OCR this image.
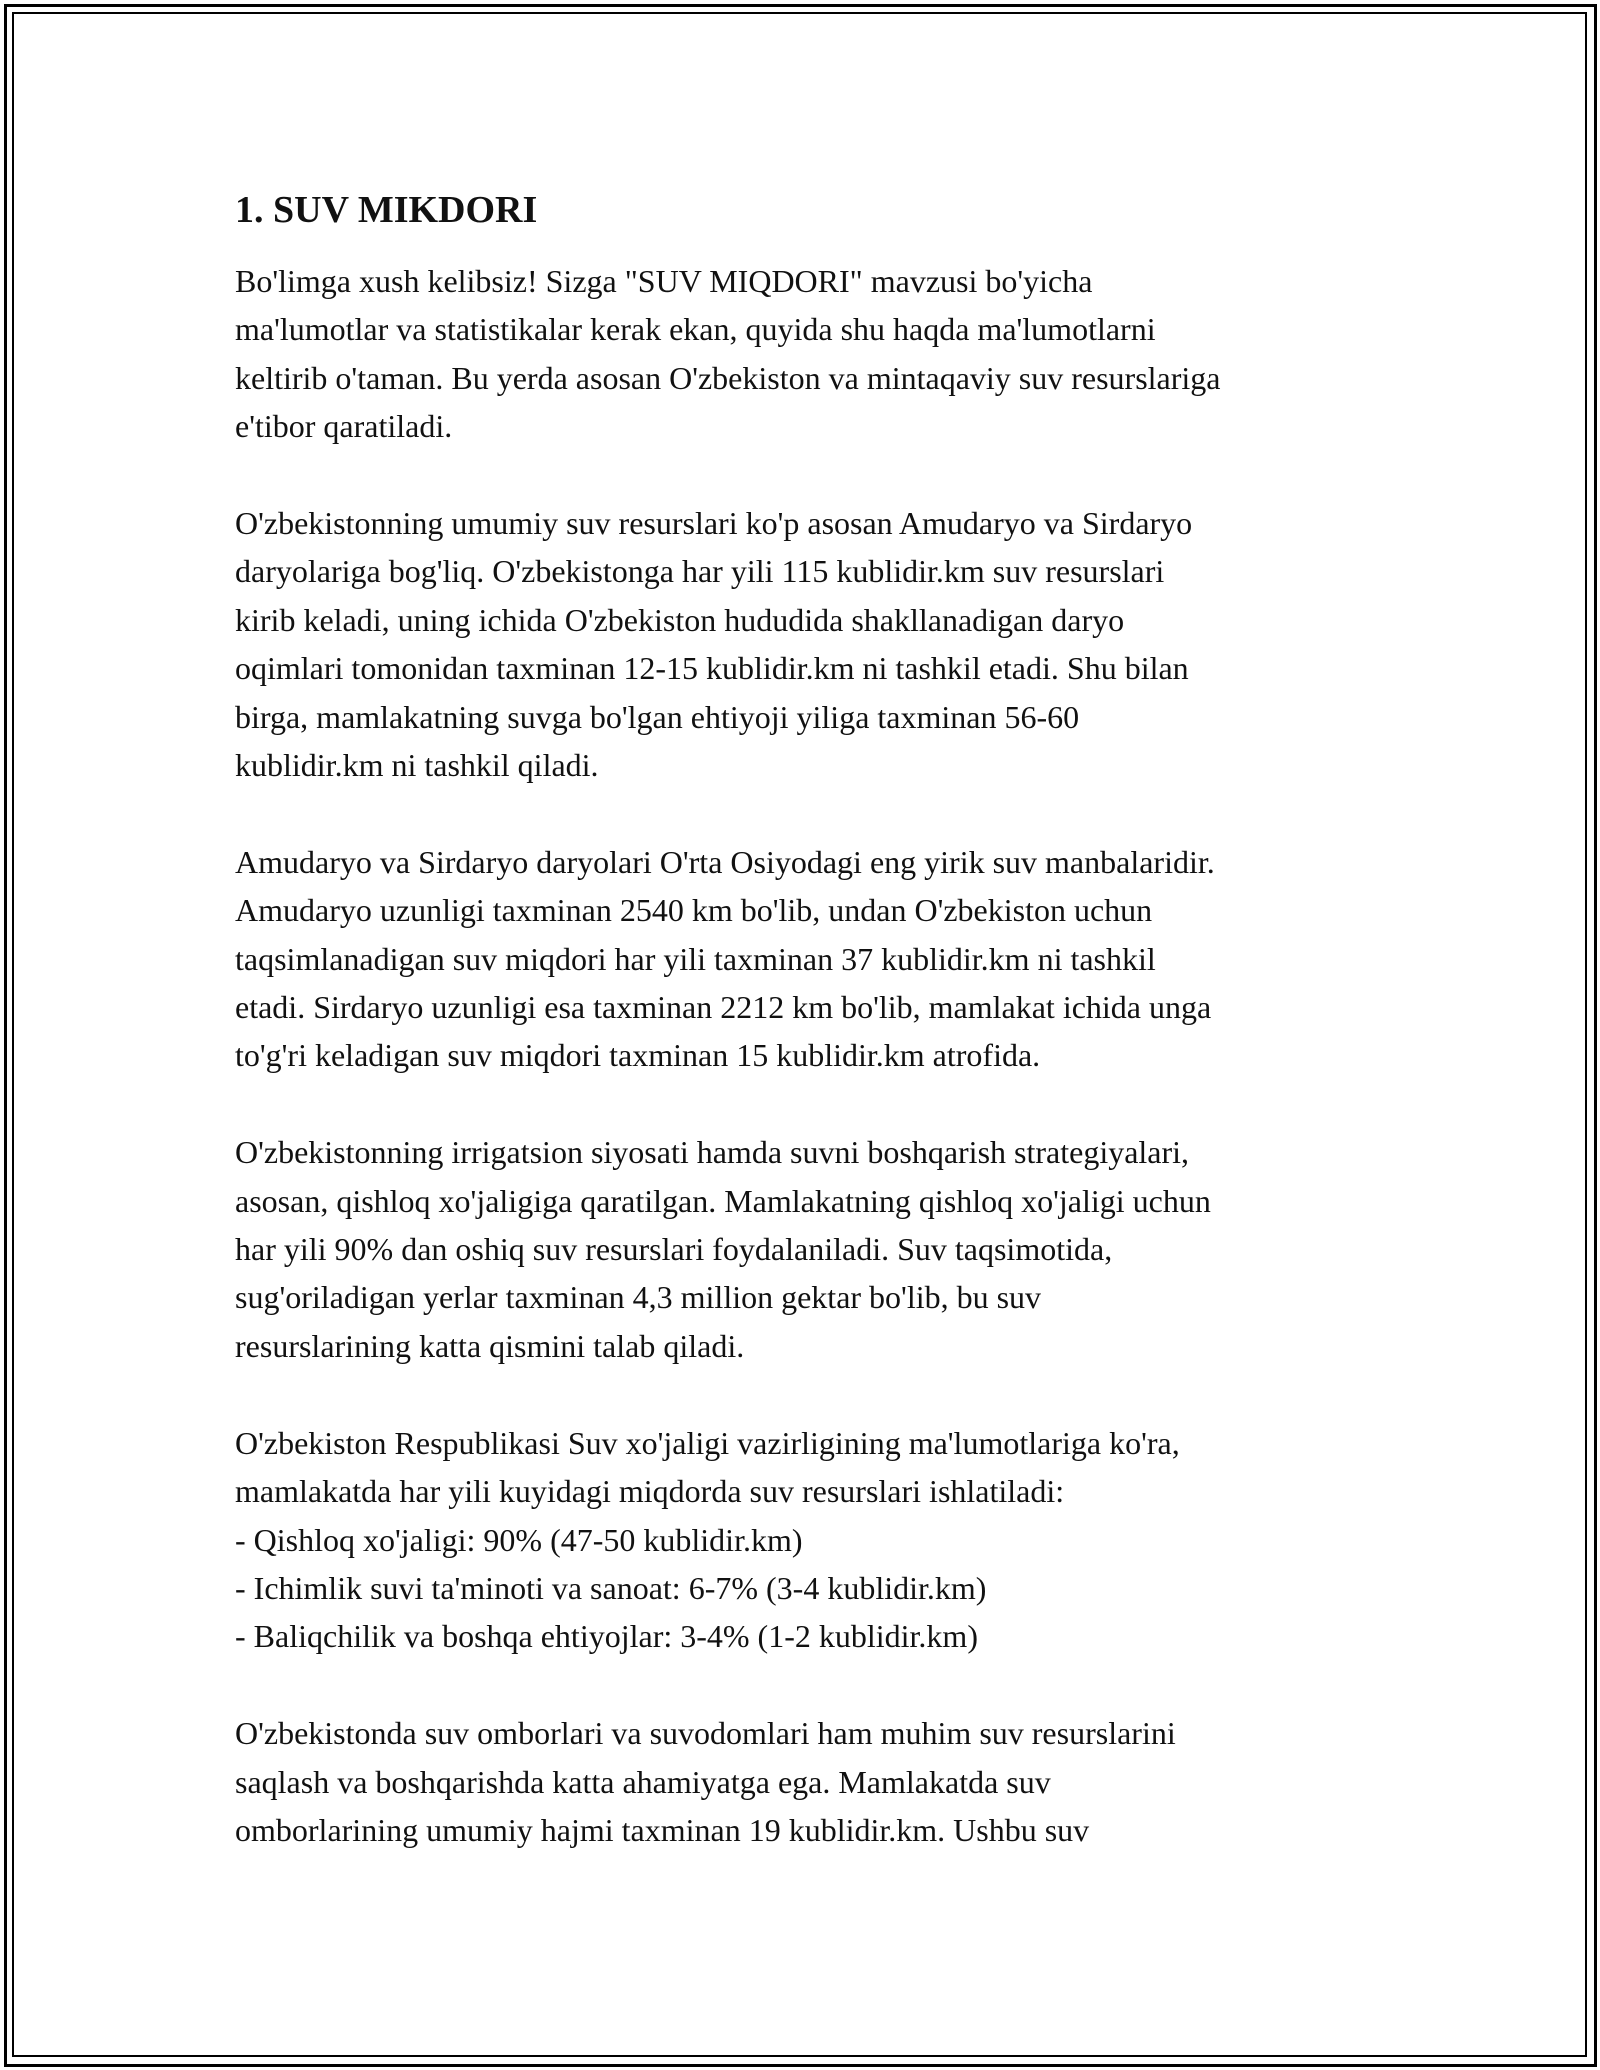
1. SUV MIKDORI

Bo'limga xush kelibsiz! Sizga "SUV MIQDORI" mavzusi bo'yicha
ma'lumotlar va statistikalar kerak ekan, quyida shu haqda ma'lumotlarni
keltirib o'taman. Bu yerda asosan O'zbekiston va mintaqaviy suv resurslariga
e'tibor qaratiladi.

O'zbekistonning umumiy suv resurslari ko'p asosan Amudaryo va Sirdaryo
daryolariga bog'liq. O'zbekistonga har yili 115 kublidir.km suv resurslari
kirib keladi, uning ichida O'zbekiston hududida shakllanadigan daryo
oqimlari tomonidan taxminan 12-15 kublidir.km ni tashkil etadi. Shu bilan
birga, mamlakatning suvga bo'lgan ehtiyoji yiliga taxminan 56-60
kublidir.km ni tashkil qiladi.

Amudaryo va Sirdaryo daryolari O'rta Osiyodagi eng yirik suv manbalaridir.
Amudaryo uzunligi taxminan 2540 km bo'lib, undan O'zbekiston uchun
taqsimlanadigan suv miqdori har yili taxminan 37 kublidir.km ni tashkil
etadi. Sirdaryo uzunligi esa taxminan 2212 km bo'lib, mamlakat ichida unga
to'g'ri keladigan suv miqdori taxminan 15 kublidir.km atrofida.

O'zbekistonning irrigatsion siyosati hamda suvni boshqarish strategiyalari,
asosan, qishloq xo'jaligiga qaratilgan. Mamlakatning qishloq xo'jaligi uchun
har yili 90% dan oshiq suv resurslari foydalaniladi. Suv taqsimotida,
sug'oriladigan yerlar taxminan 4,3 million gektar bo'lib, bu suv
resurslarining katta qismini talab qiladi.

O'zbekiston Respublikasi Suv xo'jaligi vazirligining ma'lumotlariga ko'ra,
mamlakatda har yili kuyidagi miqdorda suv resurslari ishlatiladi:
- Qishloq xo'jaligi: 90% (47-50 kublidir.km)
- Ichimlik suvi ta'minoti va sanoat: 6-7% (3-4 kublidir.km)
- Baliqchilik va boshqa ehtiyojlar: 3-4% (1-2 kublidir.km)

O'zbekistonda suv omborlari va suvodomlari ham muhim suv resurslarini
saqlash va boshqarishda katta ahamiyatga ega. Mamlakatda suv
omborlarining umumiy hajmi taxminan 19 kublidir.km. Ushbu suv
